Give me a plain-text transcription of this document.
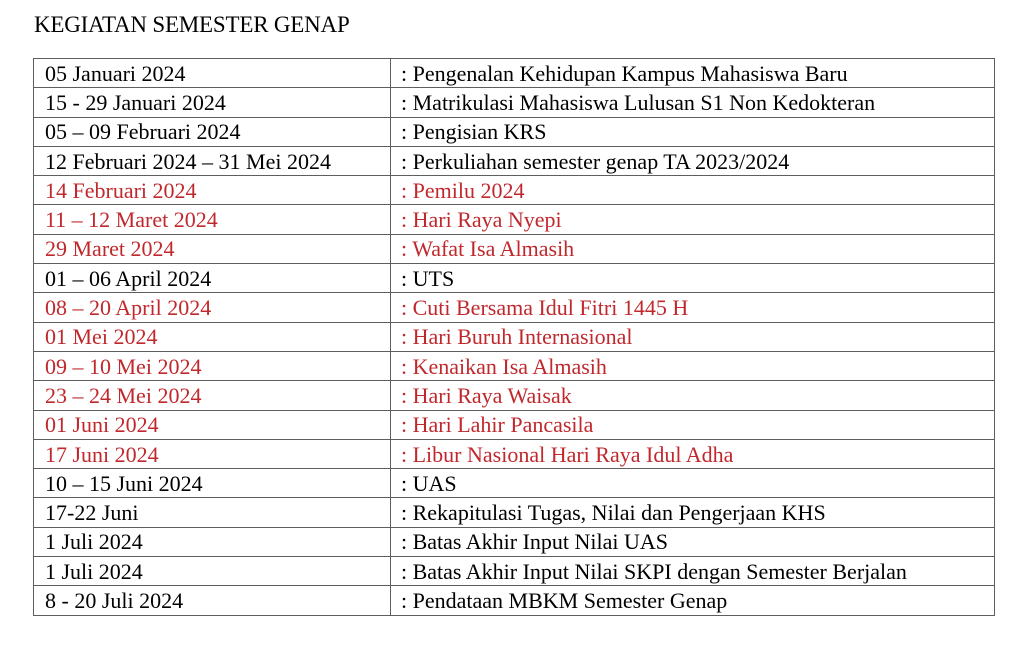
KEGIATAN SEMESTER GENAP
05 Januari 2024	: Pengenalan Kehidupan Kampus Mahasiswa Baru
15 - 29 Januari 2024	: Matrikulasi Mahasiswa Lulusan S1 Non Kedokteran
05 – 09 Februari 2024	: Pengisian KRS
12 Februari 2024 – 31 Mei 2024	: Perkuliahan semester genap TA 2023/2024
14 Februari 2024	: Pemilu 2024
11 – 12 Maret 2024	: Hari Raya Nyepi
29 Maret 2024	: Wafat Isa Almasih
01 – 06 April 2024	: UTS
08 – 20 April 2024	: Cuti Bersama Idul Fitri 1445 H
01 Mei 2024	: Hari Buruh Internasional
09 – 10 Mei 2024	: Kenaikan Isa Almasih
23 – 24 Mei 2024	: Hari Raya Waisak
01 Juni 2024	: Hari Lahir Pancasila
17 Juni 2024	: Libur Nasional Hari Raya Idul Adha
10 – 15 Juni 2024	: UAS
17-22 Juni	: Rekapitulasi Tugas, Nilai dan Pengerjaan KHS
1 Juli 2024	: Batas Akhir Input Nilai UAS
1 Juli 2024	: Batas Akhir Input Nilai SKPI dengan Semester Berjalan
8 - 20 Juli 2024	: Pendataan MBKM Semester Genap
